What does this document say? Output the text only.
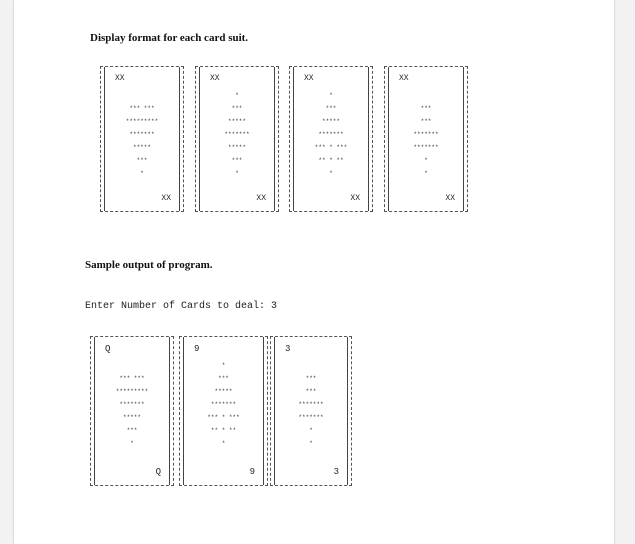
Display format for each card suit.
XX

*** ***
*********
*******
*****
***
*
XX
XX
*
***
*****
*******
*****
***
*
XX
XX
*
***
*****
*******
*** * ***
** * **
*
XX
XX

***
***
*******
*******
*
*
XX
Sample output of program.
Enter Number of Cards to deal: 3
Q

*** ***
*********
*******
*****
***
*
Q
9
*
***
*****
*******
*** * ***
** * **
*
9
3

***
***
*******
*******
*
*
3
